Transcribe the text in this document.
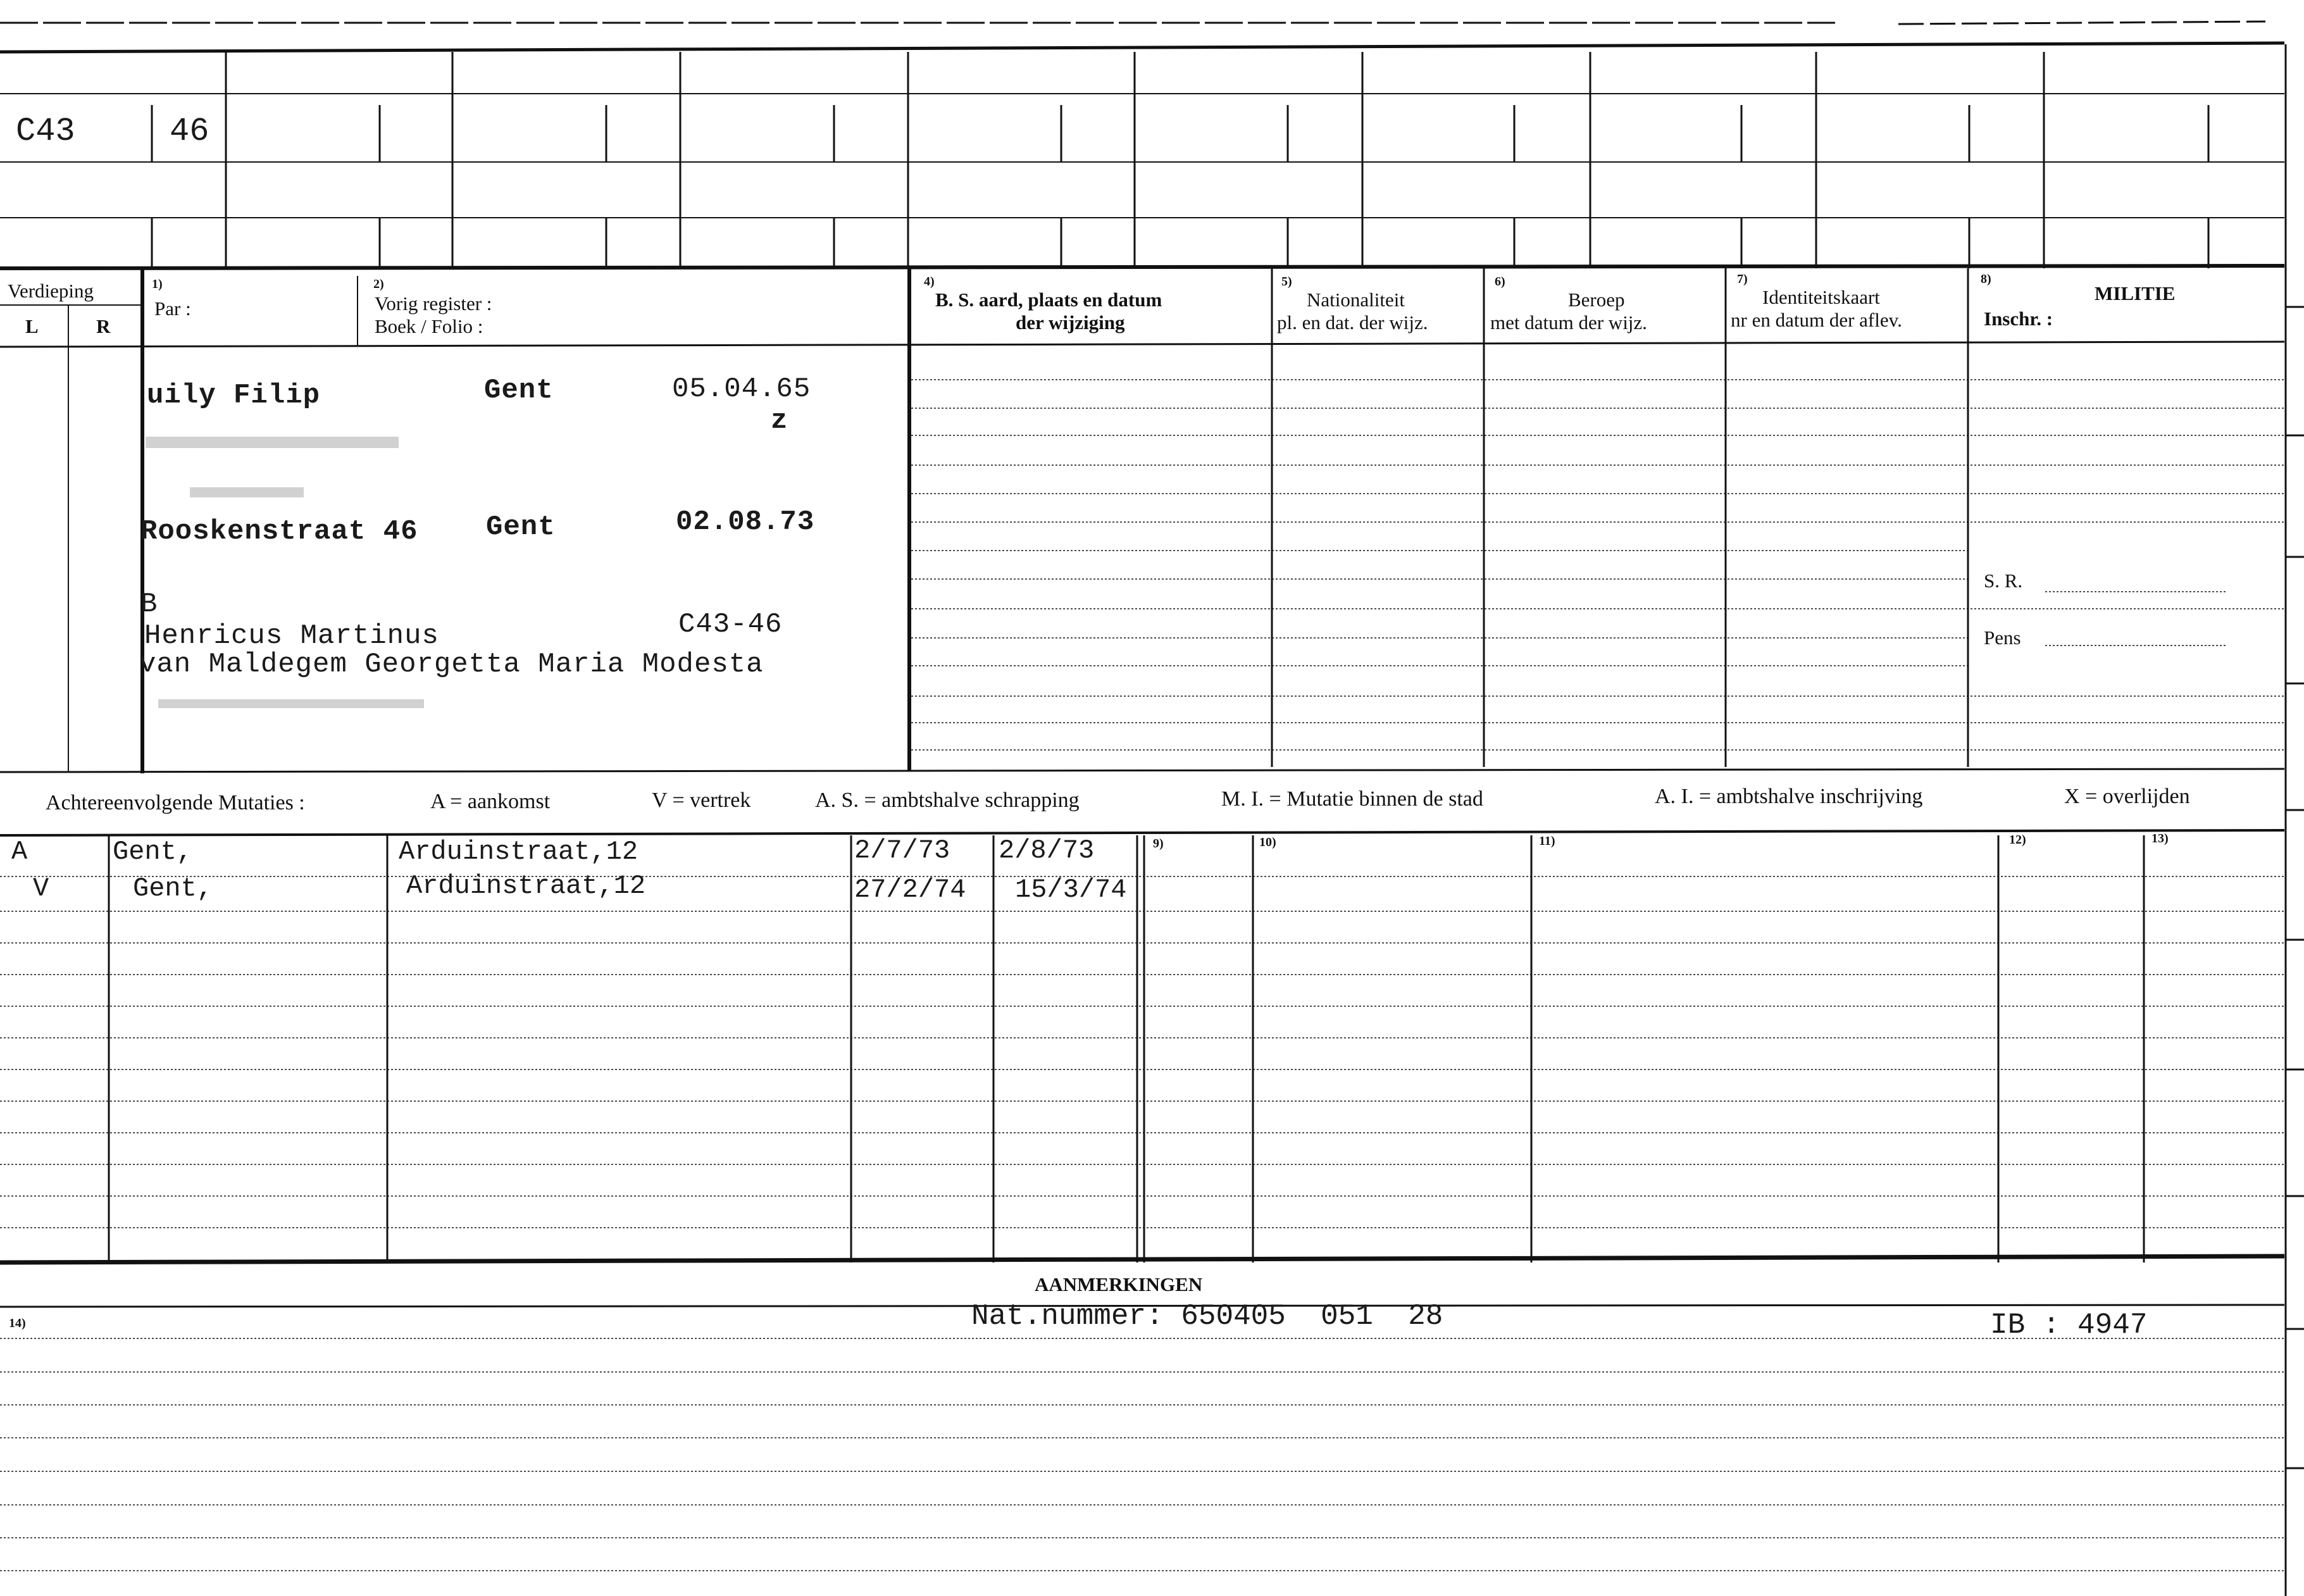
C43	46
Verdieping
L	R
1)
Par :
2)
Vorig register :
Boek / Folio :
4)
B. S. aard, plaats en datum
der wijziging
5)
Nationaliteit
pl. en dat. der wijz.
6)
Beroep
met datum der wijz.
7)
Identiteitskaart
nr en datum der aflev.
8)
MILITIE
Inschr. :
S. R.
Pens
uily Filip	Gent	05.04.65
z
Rooskenstraat 46 Gent	02.08.73
B
C43-46
Henricus Martinus
van Maldegem Georgetta Maria Modesta
Achtereenvolgende Mutaties :	A = aankomst	V = vertrek	A. S. = ambtshalve schrapping	M. I. = Mutatie binnen de stad	A. I. = ambtshalve inschrijving	X = overlijden
9)	10)	11)	12)	13)
A	Gent,	Arduinstraat,12	2/7/73 2/8/73
V	Gent,	Arduinstraat,12	27/2/74 15/3/74
AANMERKINGEN
14)	Nat.nummer: 650405  051  28	IB : 4947
